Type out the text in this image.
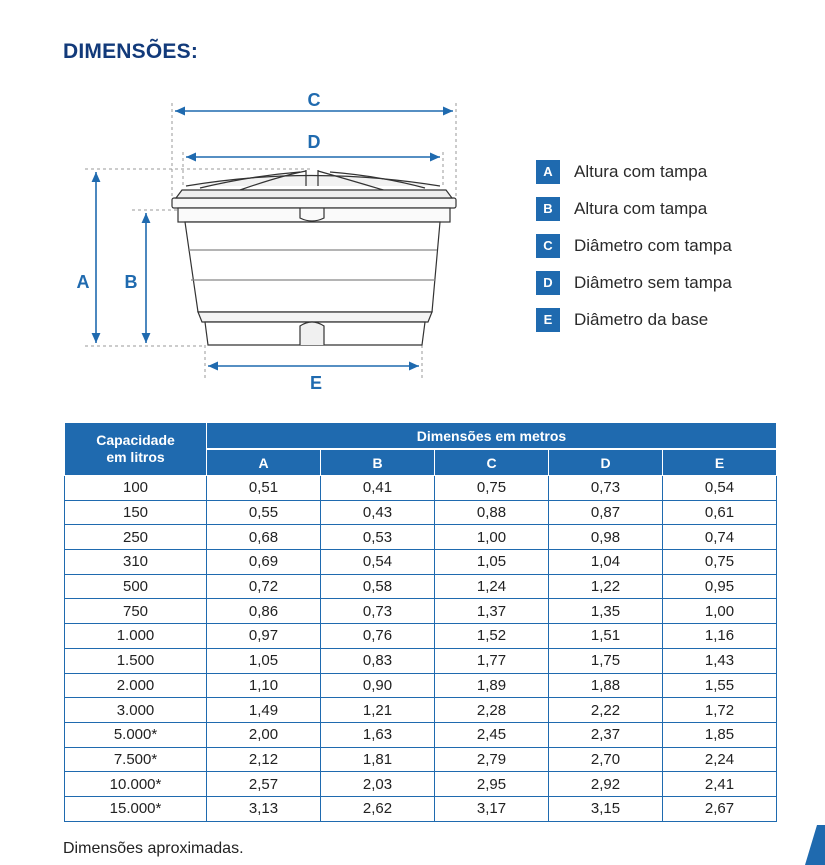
DIMENSÕES:
C
D
A B
E
A	Altura com tampa
B	Altura com tampa
C	Diâmetro com tampa
D	Diâmetro sem tampa
E	Diâmetro da base
Capacidade
em litros	Dimensões em metros				
	A	B	C	D	E
100	0,51	0,41	0,75	0,73	0,54
150	0,55	0,43	0,88	0,87	0,61
250	0,68	0,53	1,00	0,98	0,74
310	0,69	0,54	1,05	1,04	0,75
500	0,72	0,58	1,24	1,22	0,95
750	0,86	0,73	1,37	1,35	1,00
1.000	0,97	0,76	1,52	1,51	1,16
1.500	1,05	0,83	1,77	1,75	1,43
2.000	1,10	0,90	1,89	1,88	1,55
3.000	1,49	1,21	2,28	2,22	1,72
5.000*	2,00	1,63	2,45	2,37	1,85
7.500*	2,12	1,81	2,79	2,70	2,24
10.000*	2,57	2,03	2,95	2,92	2,41
15.000*	3,13	2,62	3,17	3,15	2,67
Dimensões aproximadas.
